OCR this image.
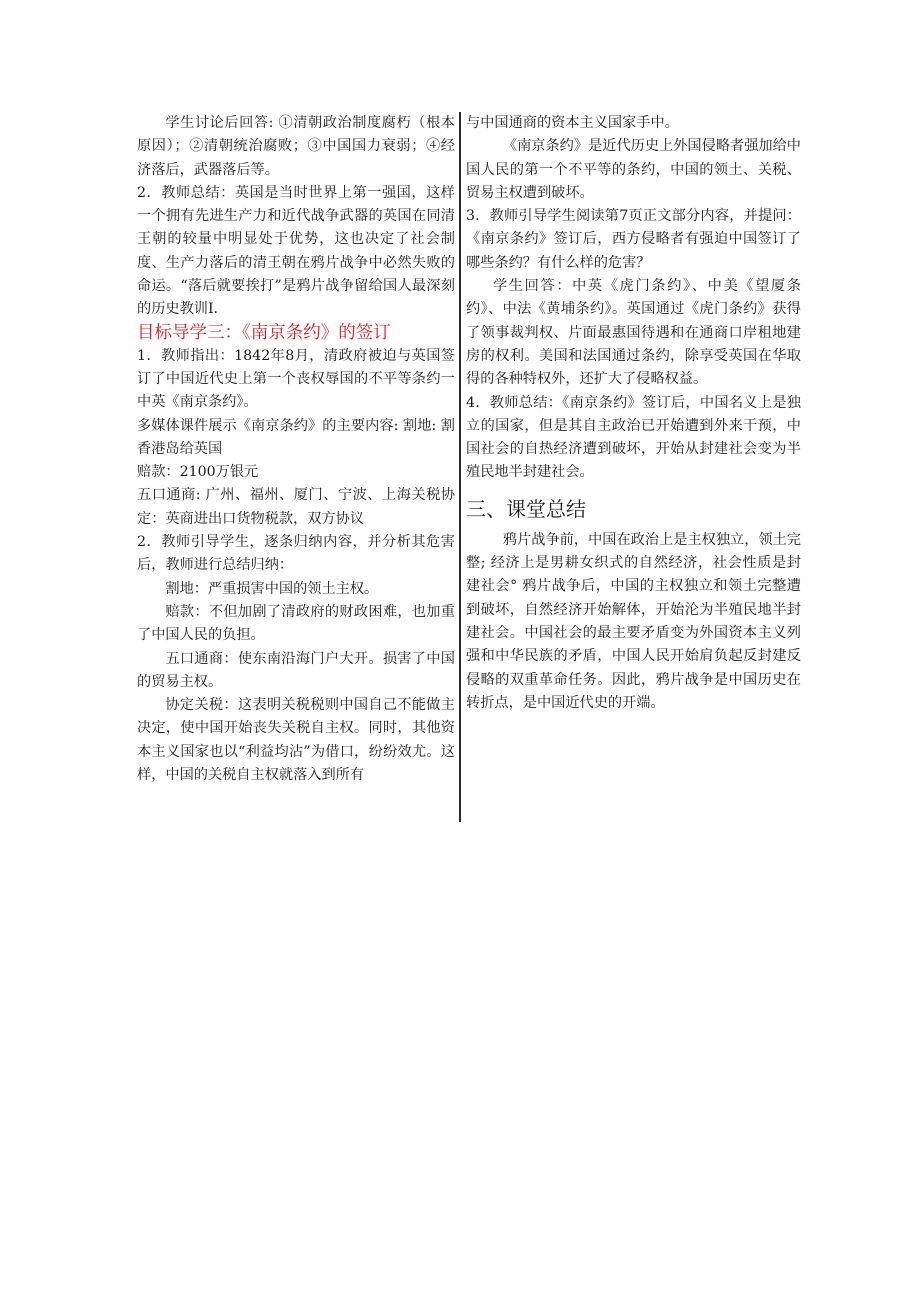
学生讨论后回答: ①清朝政治制度腐朽（根本原因）；②清朝统治腐败；③中国国力衰弱；④经济落后，武器落后等。

2．教师总结：英国是当时世界上第一强国，这样一个拥有先进生产力和近代战争武器的英国在同清王朝的较量中明显处于优势，这也决定了社会制度、生产力落后的清王朝在鸦片战争中必然失败的命运。“落后就要挨打”是鸦片战争留给国人最深刻的历史教训I．

目标导学三：《南京条约》的签订

1．教师指出：1842年8月，清政府被迫与英国签订了中国近代史上第一个丧权辱国的不平等条约一中英《南京条约》。

多媒体课件展示《南京条约》的主要内容: 割地: 割香港岛给英国

赔款：2100万银元

五口通商: 广州、福州、厦门、宁波、上海关税协定：英商进出口货物税款，双方协议

2．教师引导学生，逐条归纳内容，并分析其危害后，教师进行总结归纳：

割地：严重损害中国的领土主权。

赔款：不但加剧了清政府的财政困难，也加重了中国人民的负担。

五口通商：使东南沿海门户大开。损害了中国的贸易主权。

协定关税：这表明关税税则中国自己不能做主决定，使中国开始丧失关税自主权。同时，其他资本主义国家也以“利益均沾”为借口，纷纷效尤。这样，中国的关税自主权就落入到所有

与中国通商的资本主义国家手中。

《南京条约》是近代历史上外国侵略者强加给中国人民的第一个不平等的条约，中国的领土、关税、贸易主权遭到破坏。

3．教师引导学生阅读第7页正文部分内容，并提问：《南京条约》签订后，西方侵略者有强迫中国签订了哪些条约？有什么样的危害？

学生回答：中英《虎门条约》、中美《望厦条约》、中法《黄埔条约》。英国通过《虎门条约》获得了领事裁判权、片面最惠国待遇和在通商口岸租地建房的权利。美国和法国通过条约，除享受英国在华取得的各种特权外，还扩大了侵略权益。

4．教师总结：《南京条约》签订后，中国名义上是独立的国家，但是其自主政治已开始遭到外来干预，中国社会的自热经济遭到破坏，开始从封建社会变为半殖民地半封建社会。

三、课堂总结

鸦片战争前，中国在政治上是主权独立，领土完整; 经济上是男耕女织式的自然经济，社会性质是封建社会° 鸦片战争后，中国的主权独立和领土完整遭到破坏，自然经济开始解体，开始沦为半殖民地半封建社会。中国社会的最主要矛盾变为外国资本主义列强和中华民族的矛盾，中国人民开始肩负起反封建反侵略的双重革命任务。因此，鸦片战争是中国历史在转折点，是中国近代史的开端。
